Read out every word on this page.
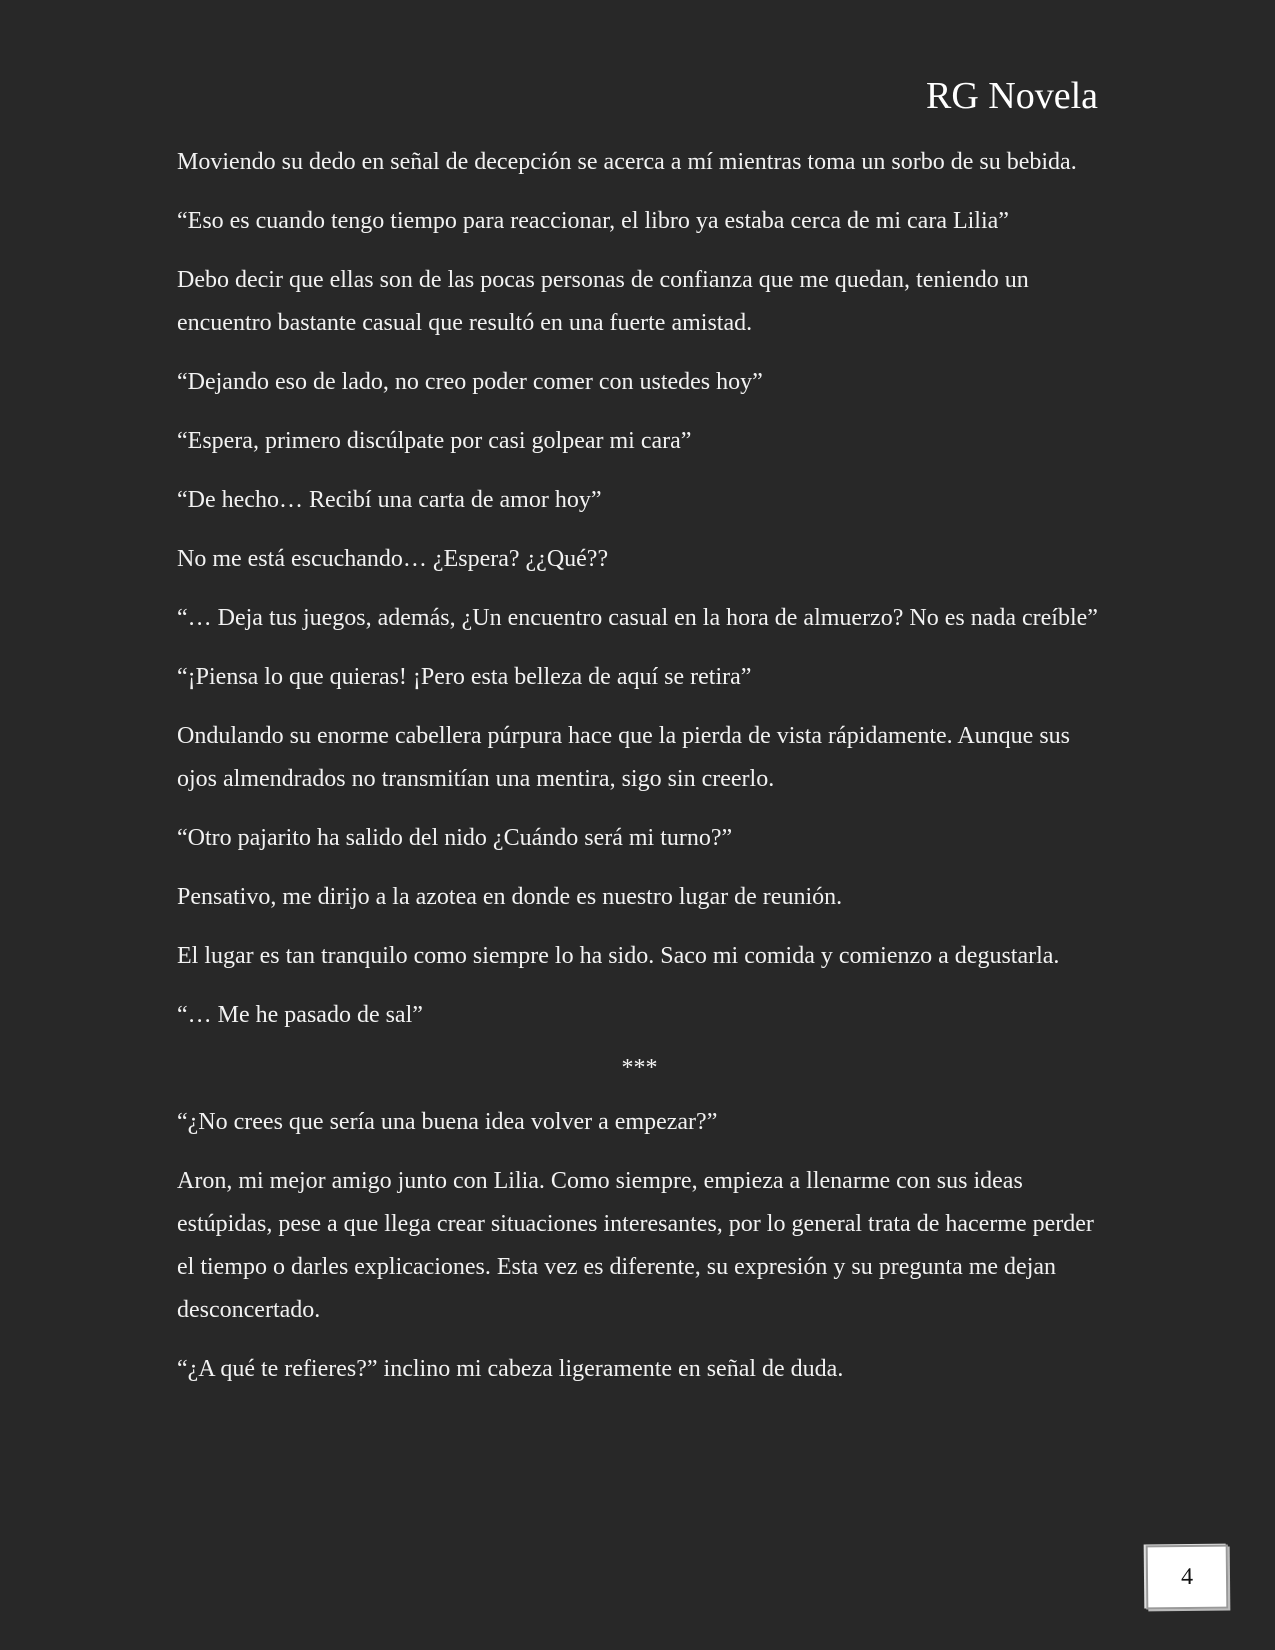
RG Novela

Moviendo su dedo en señal de decepción se acerca a mí mientras toma un sorbo de su bebida.

“Eso es cuando tengo tiempo para reaccionar, el libro ya estaba cerca de mi cara Lilia”

Debo decir que ellas son de las pocas personas de confianza que me quedan, teniendo un encuentro bastante casual que resultó en una fuerte amistad.

“Dejando eso de lado, no creo poder comer con ustedes hoy”

“Espera, primero discúlpate por casi golpear mi cara”

“De hecho… Recibí una carta de amor hoy”

No me está escuchando… ¿Espera? ¿¿Qué??

“… Deja tus juegos, además, ¿Un encuentro casual en la hora de almuerzo? No es nada creíble”

“¡Piensa lo que quieras! ¡Pero esta belleza de aquí se retira”

Ondulando su enorme cabellera púrpura hace que la pierda de vista rápidamente. Aunque sus ojos almendrados no transmitían una mentira, sigo sin creerlo.

“Otro pajarito ha salido del nido ¿Cuándo será mi turno?”

Pensativo, me dirijo a la azotea en donde es nuestro lugar de reunión.

El lugar es tan tranquilo como siempre lo ha sido. Saco mi comida y comienzo a degustarla.

“… Me he pasado de sal”

***

“¿No crees que sería una buena idea volver a empezar?”

Aron, mi mejor amigo junto con Lilia. Como siempre, empieza a llenarme con sus ideas estúpidas, pese a que llega crear situaciones interesantes, por lo general trata de hacerme perder el tiempo o darles explicaciones. Esta vez es diferente, su expresión y su pregunta me dejan desconcertado.

“¿A qué te refieres?” inclino mi cabeza ligeramente en señal de duda.

4
